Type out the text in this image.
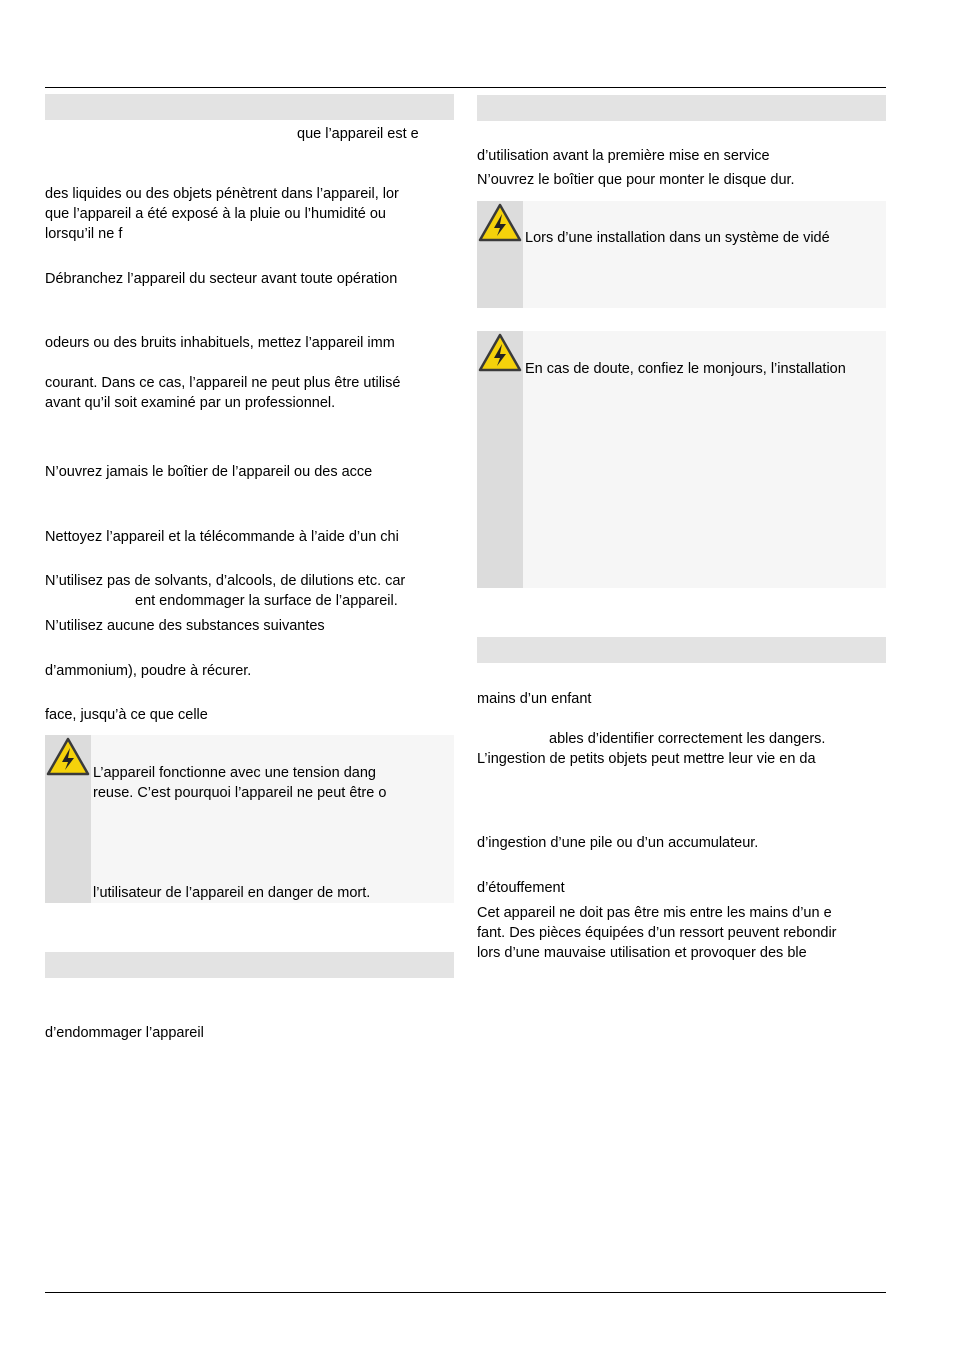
que l’appareil est e
des liquides ou des objets pénètrent dans l’appareil, lor
que l’appareil a été exposé à la pluie ou l’humidité ou
lorsqu’il ne f
Débranchez l’appareil du secteur avant toute opération
odeurs ou des bruits inhabituels, mettez l’appareil imm
courant. Dans ce cas, l’appareil ne peut plus être utilisé
avant qu’il soit examiné par un professionnel.
N’ouvrez jamais le boîtier de l’appareil ou des acce
Nettoyez l’appareil et la télécommande à l’aide d’un chi
N’utilisez pas de solvants, d’alcools, de dilutions etc. car
ent endommager la surface de l’appareil.
N’utilisez aucune des substances suivantes
d’ammonium), poudre à récurer.
face, jusqu’à ce que celle
L’appareil fonctionne avec une tension dang
reuse. C’est pourquoi l’appareil ne peut être o
l’utilisateur de l’appareil en danger de mort.
d’endommager l’appareil
d’utilisation avant la première mise en service
N’ouvrez le boîtier que pour monter le disque dur.
Lors d’une installation dans un système de vidé
En cas de doute, confiez le monjours, l’installation
mains d’un enfant
ables d’identifier correctement les dangers.
L’ingestion de petits objets peut mettre leur vie en da
d’ingestion d’une pile ou d’un accumulateur.
d’étouffement
Cet appareil ne doit pas être mis entre les mains d’un e
fant. Des pièces équipées d’un ressort peuvent rebondir
lors d’une mauvaise utilisation et provoquer des ble
